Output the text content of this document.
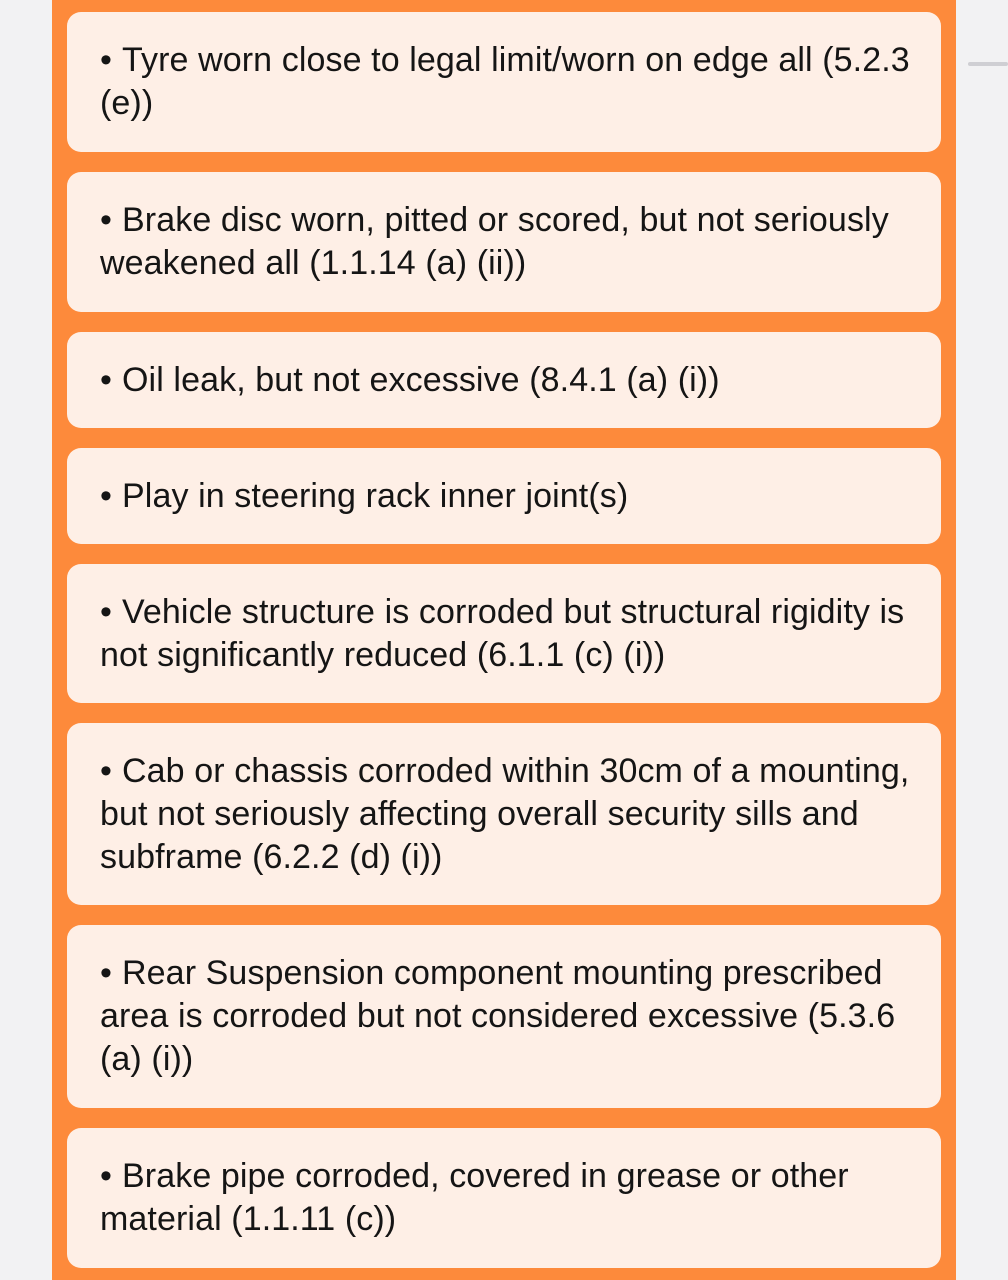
• Tyre worn close to legal limit/worn on edge all (5.2.3 (e))
• Brake disc worn, pitted or scored, but not seriously weakened all (1.1.14 (a) (ii))
• Oil leak, but not excessive (8.4.1 (a) (i))
• Play in steering rack inner joint(s)
• Vehicle structure is corroded but structural rigidity is not significantly reduced (6.1.1 (c) (i))
• Cab or chassis corroded within 30cm of a mounting, but not seriously affecting overall security sills and subframe (6.2.2 (d) (i))
• Rear Suspension component mounting prescribed area is corroded but not considered excessive (5.3.6 (a) (i))
• Brake pipe corroded, covered in grease or other material (1.1.11 (c))
